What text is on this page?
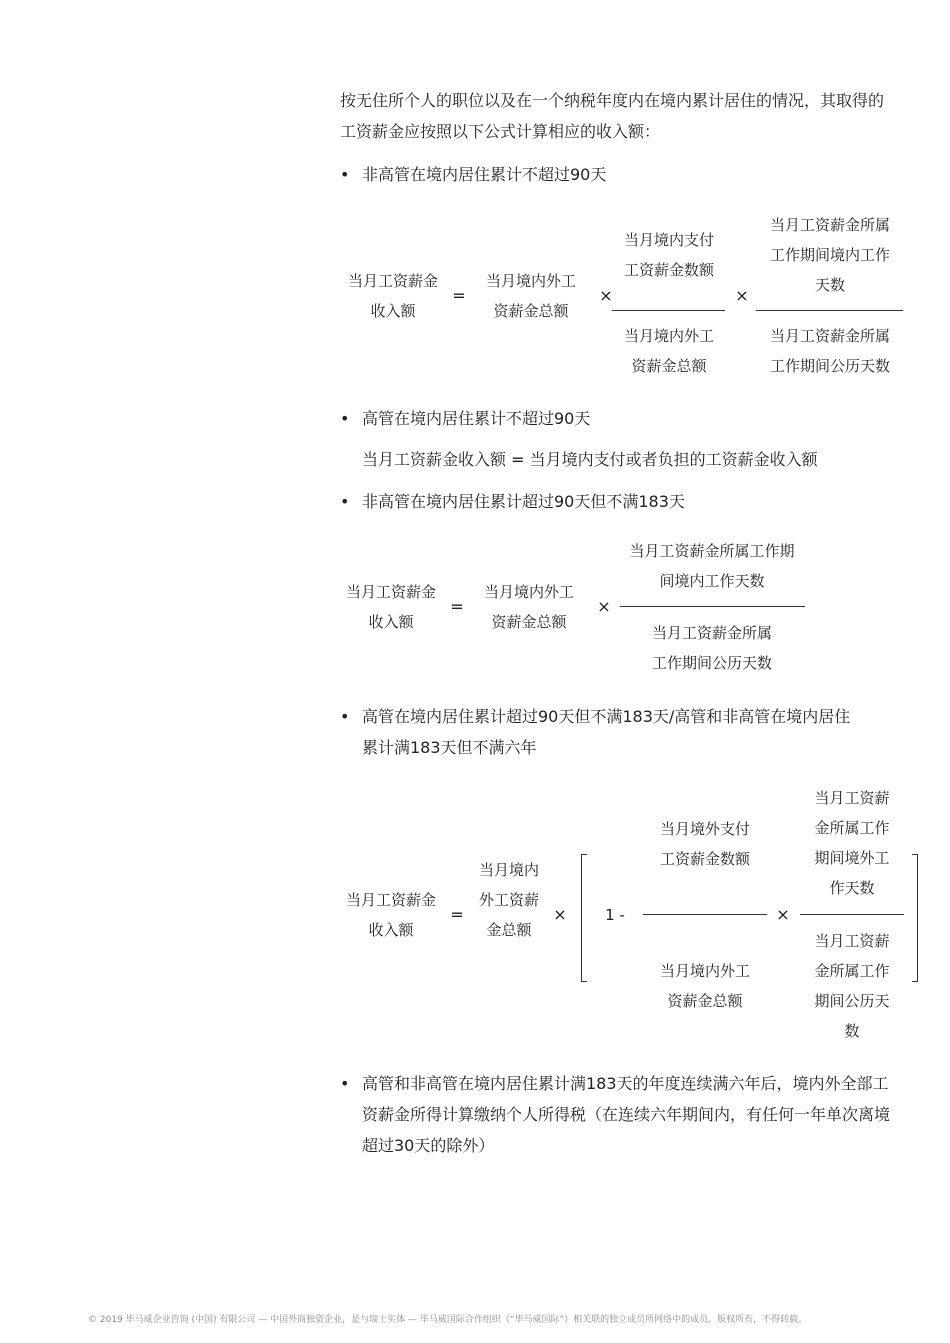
按无住所个人的职位以及在一个纳税年度内在境内累计居住的情况，其取得的工资薪金应按照以下公式计算相应的收入额：
• 非高管在境内居住累计不超过90天
当月工资薪金收入额
=
当月境内外工资薪金总额
×
当月境内支付工资薪金数额
当月境内外工资薪金总额
×
当月工资薪金所属工作期间境内工作天数
当月工资薪金所属工作期间公历天数
• 高管在境内居住累计不超过90天
当月工资薪金收入额 = 当月境内支付或者负担的工资薪金收入额
• 非高管在境内居住累计超过90天但不满183天
当月工资薪金收入额
=
当月境内外工资薪金总额
×
当月工资薪金所属工作期间境内工作天数
当月工资薪金所属工作期间公历天数
• 高管在境内居住累计超过90天但不满183天/高管和非高管在境内居住累计满183天但不满六年
当月工资薪金收入额
=
当月境内外工资薪金总额
×	1 -
当月境外支付工资薪金数额
当月境内外工资薪金总额
×
当月工资薪金所属工作期间境外工作天数
当月工资薪金所属工作期间公历天数
• 高管和非高管在境内居住累计满183天的年度连续满六年后，境内外全部工资薪金所得计算缴纳个人所得税（在连续六年期间内，有任何一年单次离境超过30天的除外）
© 2019 毕马威企业咨询 (中国) 有限公司 — 中国外商独资企业，是与瑞士实体 — 毕马威国际合作组织（“毕马威国际”）相关联的独立成员所网络中的成员。版权所有，不得转载。
